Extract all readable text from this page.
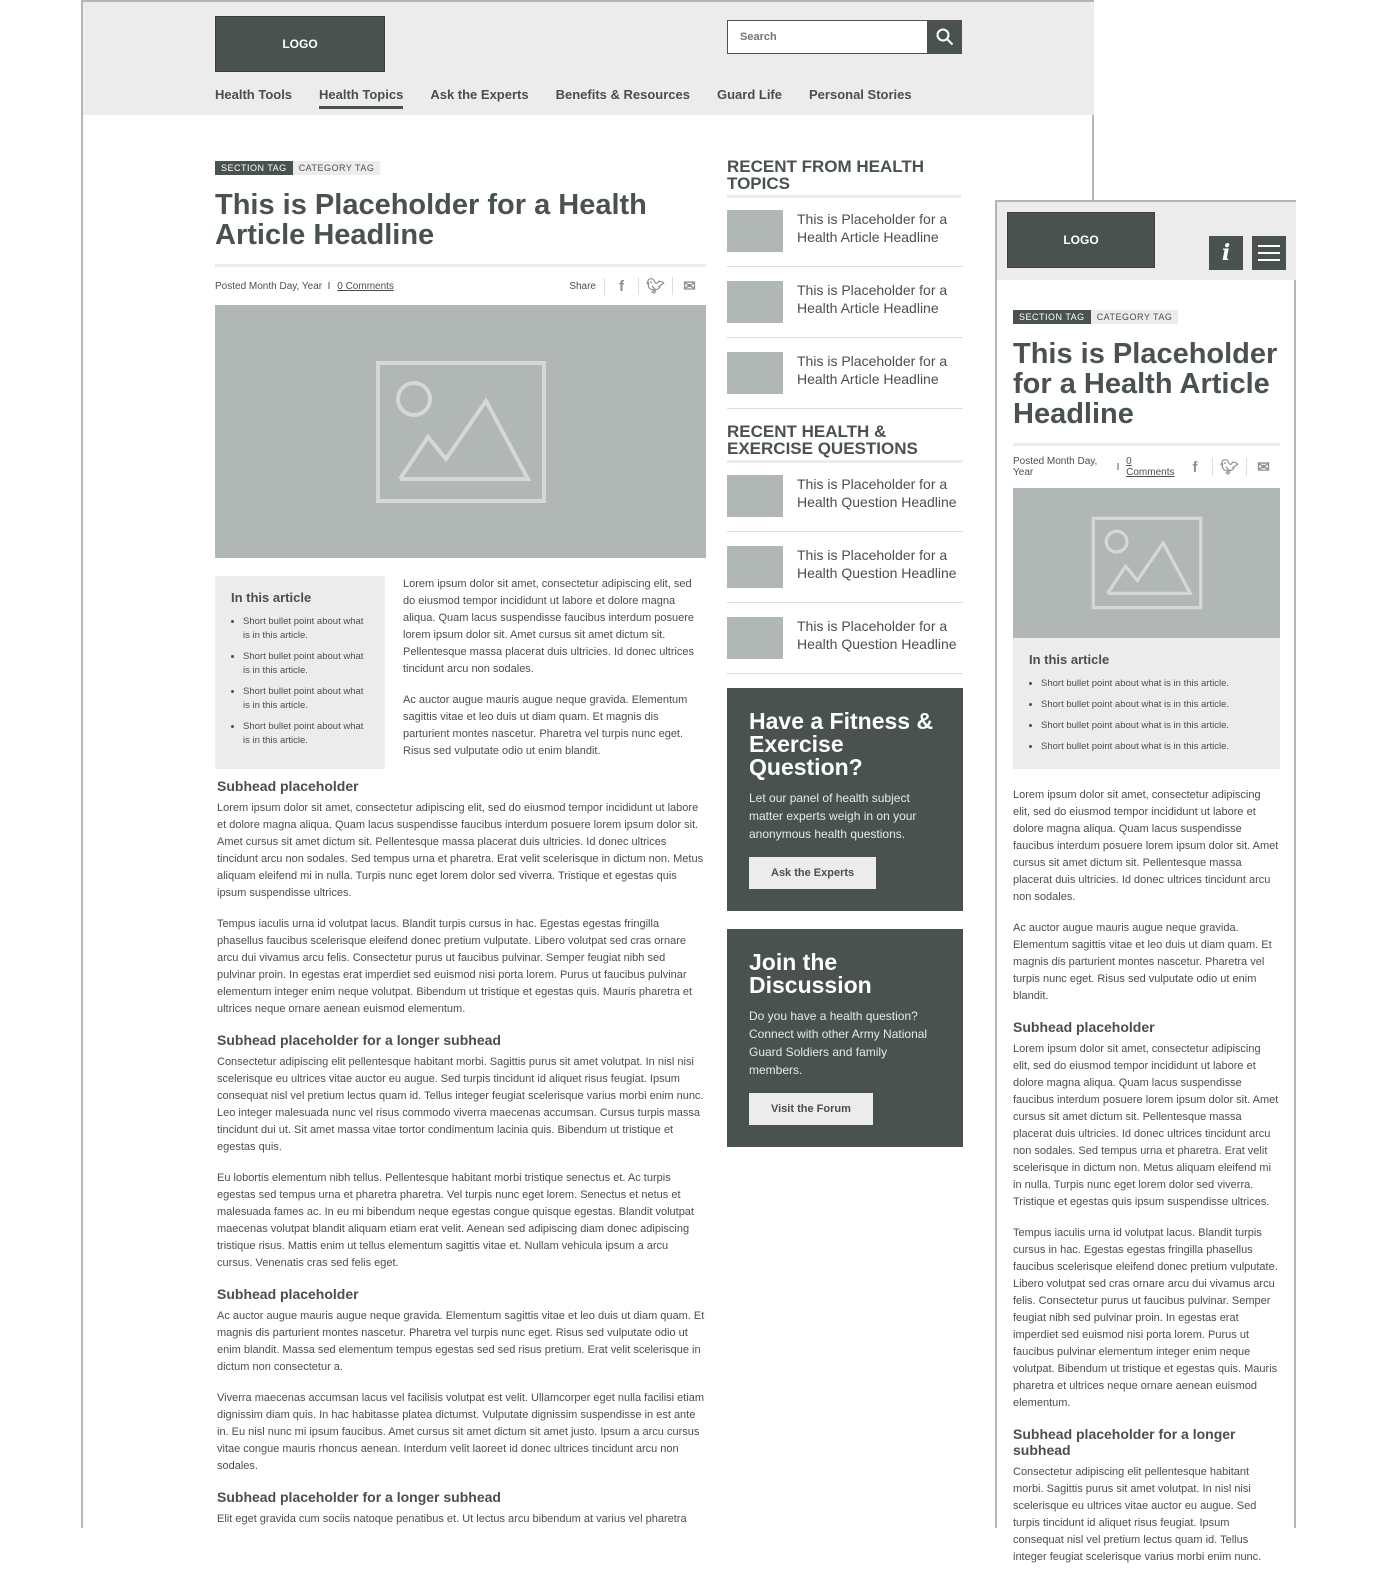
LOGO
Search
Health Tools Health Topics Ask the Experts Benefits & Resources Guard Life Personal Stories
SECTION TAG CATEGORY TAG
This is Placeholder for a Health Article Headline
Posted Month Day, Year
I
0 Comments	Share	f	🐦︎	✉
In this article
• Short bullet point about what is in this article.
• Short bullet point about what is in this article.
• Short bullet point about what is in this article.
• Short bullet point about what is in this article.

Lorem ipsum dolor sit amet, consectetur adipiscing elit, sed do eiusmod tempor incididunt ut labore et dolore magna aliqua. Quam lacus suspendisse faucibus interdum posuere lorem ipsum dolor sit. Amet cursus sit amet dictum sit. Pellentesque massa placerat duis ultricies. Id donec ultrices tincidunt arcu non sodales.

Ac auctor augue mauris augue neque gravida. Elementum sagittis vitae et leo duis ut diam quam. Et magnis dis parturient montes nascetur. Pharetra vel turpis nunc eget. Risus sed vulputate odio ut enim blandit.

Subhead placeholder

Lorem ipsum dolor sit amet, consectetur adipiscing elit, sed do eiusmod tempor incididunt ut labore et dolore magna aliqua. Quam lacus suspendisse faucibus interdum posuere lorem ipsum dolor sit. Amet cursus sit amet dictum sit. Pellentesque massa placerat duis ultricies. Id donec ultrices tincidunt arcu non sodales. Sed tempus urna et pharetra. Erat velit scelerisque in dictum non. Metus aliquam eleifend mi in nulla. Turpis nunc eget lorem dolor sed viverra. Tristique et egestas quis ipsum suspendisse ultrices.

Tempus iaculis urna id volutpat lacus. Blandit turpis cursus in hac. Egestas egestas fringilla phasellus faucibus scelerisque eleifend donec pretium vulputate. Libero volutpat sed cras ornare arcu dui vivamus arcu felis. Consectetur purus ut faucibus pulvinar. Semper feugiat nibh sed pulvinar proin. In egestas erat imperdiet sed euismod nisi porta lorem. Purus ut faucibus pulvinar elementum integer enim neque volutpat. Bibendum ut tristique et egestas quis. Mauris pharetra et ultrices neque ornare aenean euismod elementum.

Subhead placeholder for a longer subhead

Consectetur adipiscing elit pellentesque habitant morbi. Sagittis purus sit amet volutpat. In nisl nisi scelerisque eu ultrices vitae auctor eu augue. Sed turpis tincidunt id aliquet risus feugiat. Ipsum consequat nisl vel pretium lectus quam id. Tellus integer feugiat scelerisque varius morbi enim nunc. Leo integer malesuada nunc vel risus commodo viverra maecenas accumsan. Cursus turpis massa tincidunt dui ut. Sit amet massa vitae tortor condimentum lacinia quis. Bibendum ut tristique et egestas quis.

Eu lobortis elementum nibh tellus. Pellentesque habitant morbi tristique senectus et. Ac turpis egestas sed tempus urna et pharetra pharetra. Vel turpis nunc eget lorem. Senectus et netus et malesuada fames ac. In eu mi bibendum neque egestas congue quisque egestas. Blandit volutpat maecenas volutpat blandit aliquam etiam erat velit. Aenean sed adipiscing diam donec adipiscing tristique risus. Mattis enim ut tellus elementum sagittis vitae et. Nullam vehicula ipsum a arcu cursus. Venenatis cras sed felis eget.

Subhead placeholder

Ac auctor augue mauris augue neque gravida. Elementum sagittis vitae et leo duis ut diam quam. Et magnis dis parturient montes nascetur. Pharetra vel turpis nunc eget. Risus sed vulputate odio ut enim blandit. Massa sed elementum tempus egestas sed sed risus pretium. Erat velit scelerisque in dictum non consectetur a.

Viverra maecenas accumsan lacus vel facilisis volutpat est velit. Ullamcorper eget nulla facilisi etiam dignissim diam quis. In hac habitasse platea dictumst. Vulputate dignissim suspendisse in est ante in. Eu nisl nunc mi ipsum faucibus. Amet cursus sit amet dictum sit amet justo. Ipsum a arcu cursus vitae congue mauris rhoncus aenean. Interdum velit laoreet id donec ultrices tincidunt arcu non sodales.

Subhead placeholder for a longer subhead

Elit eget gravida cum sociis natoque penatibus et. Ut lectus arcu bibendum at varius vel pharetra

RECENT FROM HEALTH TOPICS
This is Placeholder for a Health Article Headline
This is Placeholder for a Health Article Headline
This is Placeholder for a Health Article Headline
RECENT HEALTH & EXERCISE QUESTIONS
This is Placeholder for a Health Question Headline
This is Placeholder for a Health Question Headline
This is Placeholder for a Health Question Headline
Have a Fitness & Exercise Question?

Let our panel of health subject matter experts weigh in on your anonymous health questions.

Ask the Experts
Join the Discussion

Do you have a health question? Connect with other Army National Guard Soldiers and family members.

Visit the Forum
LOGO	i
SECTION TAG CATEGORY TAG
This is Placeholder for a Health Article Headline
Posted Month Day, Year
	I
0 Comments	f	🐦︎	✉
In this article
• Short bullet point about what is in this article.
• Short bullet point about what is in this article.
• Short bullet point about what is in this article.
• Short bullet point about what is in this article.

Lorem ipsum dolor sit amet, consectetur adipiscing elit, sed do eiusmod tempor incididunt ut labore et dolore magna aliqua. Quam lacus suspendisse faucibus interdum posuere lorem ipsum dolor sit. Amet cursus sit amet dictum sit. Pellentesque massa placerat duis ultricies. Id donec ultrices tincidunt arcu non sodales.

Ac auctor augue mauris augue neque gravida. Elementum sagittis vitae et leo duis ut diam quam. Et magnis dis parturient montes nascetur. Pharetra vel turpis nunc eget. Risus sed vulputate odio ut enim blandit.

Subhead placeholder

Lorem ipsum dolor sit amet, consectetur adipiscing elit, sed do eiusmod tempor incididunt ut labore et dolore magna aliqua. Quam lacus suspendisse faucibus interdum posuere lorem ipsum dolor sit. Amet cursus sit amet dictum sit. Pellentesque massa placerat duis ultricies. Id donec ultrices tincidunt arcu non sodales. Sed tempus urna et pharetra. Erat velit scelerisque in dictum non. Metus aliquam eleifend mi in nulla. Turpis nunc eget lorem dolor sed viverra. Tristique et egestas quis ipsum suspendisse ultrices.

Tempus iaculis urna id volutpat lacus. Blandit turpis cursus in hac. Egestas egestas fringilla phasellus faucibus scelerisque eleifend donec pretium vulputate. Libero volutpat sed cras ornare arcu dui vivamus arcu felis. Consectetur purus ut faucibus pulvinar. Semper feugiat nibh sed pulvinar proin. In egestas erat imperdiet sed euismod nisi porta lorem. Purus ut faucibus pulvinar elementum integer enim neque volutpat. Bibendum ut tristique et egestas quis. Mauris pharetra et ultrices neque ornare aenean euismod elementum.

Subhead placeholder for a longer subhead

Consectetur adipiscing elit pellentesque habitant morbi. Sagittis purus sit amet volutpat. In nisl nisi scelerisque eu ultrices vitae auctor eu augue. Sed turpis tincidunt id aliquet risus feugiat. Ipsum consequat nisl vel pretium lectus quam id. Tellus integer feugiat scelerisque varius morbi enim nunc.
